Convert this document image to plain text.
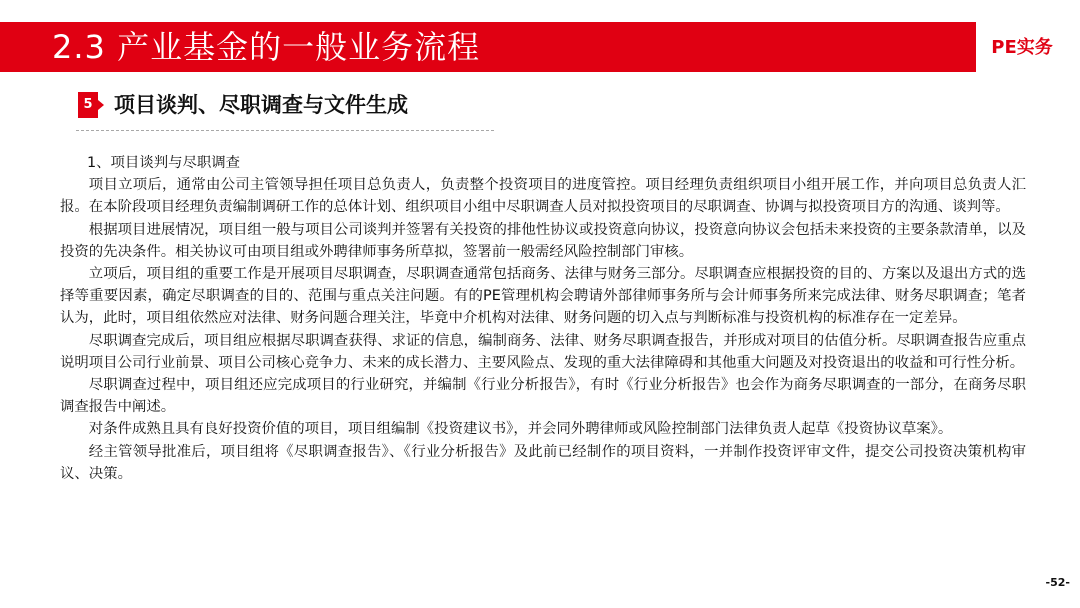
2.3 产业基金的一般业务流程	PE实务
5 项目谈判、尽职调查与文件生成

1、项目谈判与尽职调查

项目立项后，通常由公司主管领导担任项目总负责人，负责整个投资项目的进度管控。项目经理负责组织项目小组开展工作，并向项目总负责人汇报。在本阶段项目经理负责编制调研工作的总体计划、组织项目小组中尽职调查人员对拟投资项目的尽职调查、协调与拟投资项目方的沟通、谈判等。

根据项目进展情况，项目组一般与项目公司谈判并签署有关投资的排他性协议或投资意向协议，投资意向协议会包括未来投资的主要条款清单，以及投资的先决条件。相关协议可由项目组或外聘律师事务所草拟，签署前一般需经风险控制部门审核。

立项后，项目组的重要工作是开展项目尽职调查，尽职调查通常包括商务、法律与财务三部分。尽职调查应根据投资的目的、方案以及退出方式的选择等重要因素，确定尽职调查的目的、范围与重点关注问题。有的PE管理机构会聘请外部律师事务所与会计师事务所来完成法律、财务尽职调查；笔者认为，此时，项目组依然应对法律、财务问题合理关注，毕竟中介机构对法律、财务问题的切入点与判断标准与投资机构的标准存在一定差异。

尽职调查完成后，项目组应根据尽职调查获得、求证的信息，编制商务、法律、财务尽职调查报告，并形成对项目的估值分析。尽职调查报告应重点说明项目公司行业前景、项目公司核心竞争力、未来的成长潜力、主要风险点、发现的重大法律障碍和其他重大问题及对投资退出的收益和可行性分析。

尽职调查过程中，项目组还应完成项目的行业研究，并编制《行业分析报告》，有时《行业分析报告》也会作为商务尽职调查的一部分，在商务尽职调查报告中阐述。

对条件成熟且具有良好投资价值的项目，项目组编制《投资建议书》，并会同外聘律师或风险控制部门法律负责人起草《投资协议草案》。

经主管领导批准后，项目组将《尽职调查报告》、《行业分析报告》及此前已经制作的项目资料，一并制作投资评审文件，提交公司投资决策机构审议、决策。

-52-
